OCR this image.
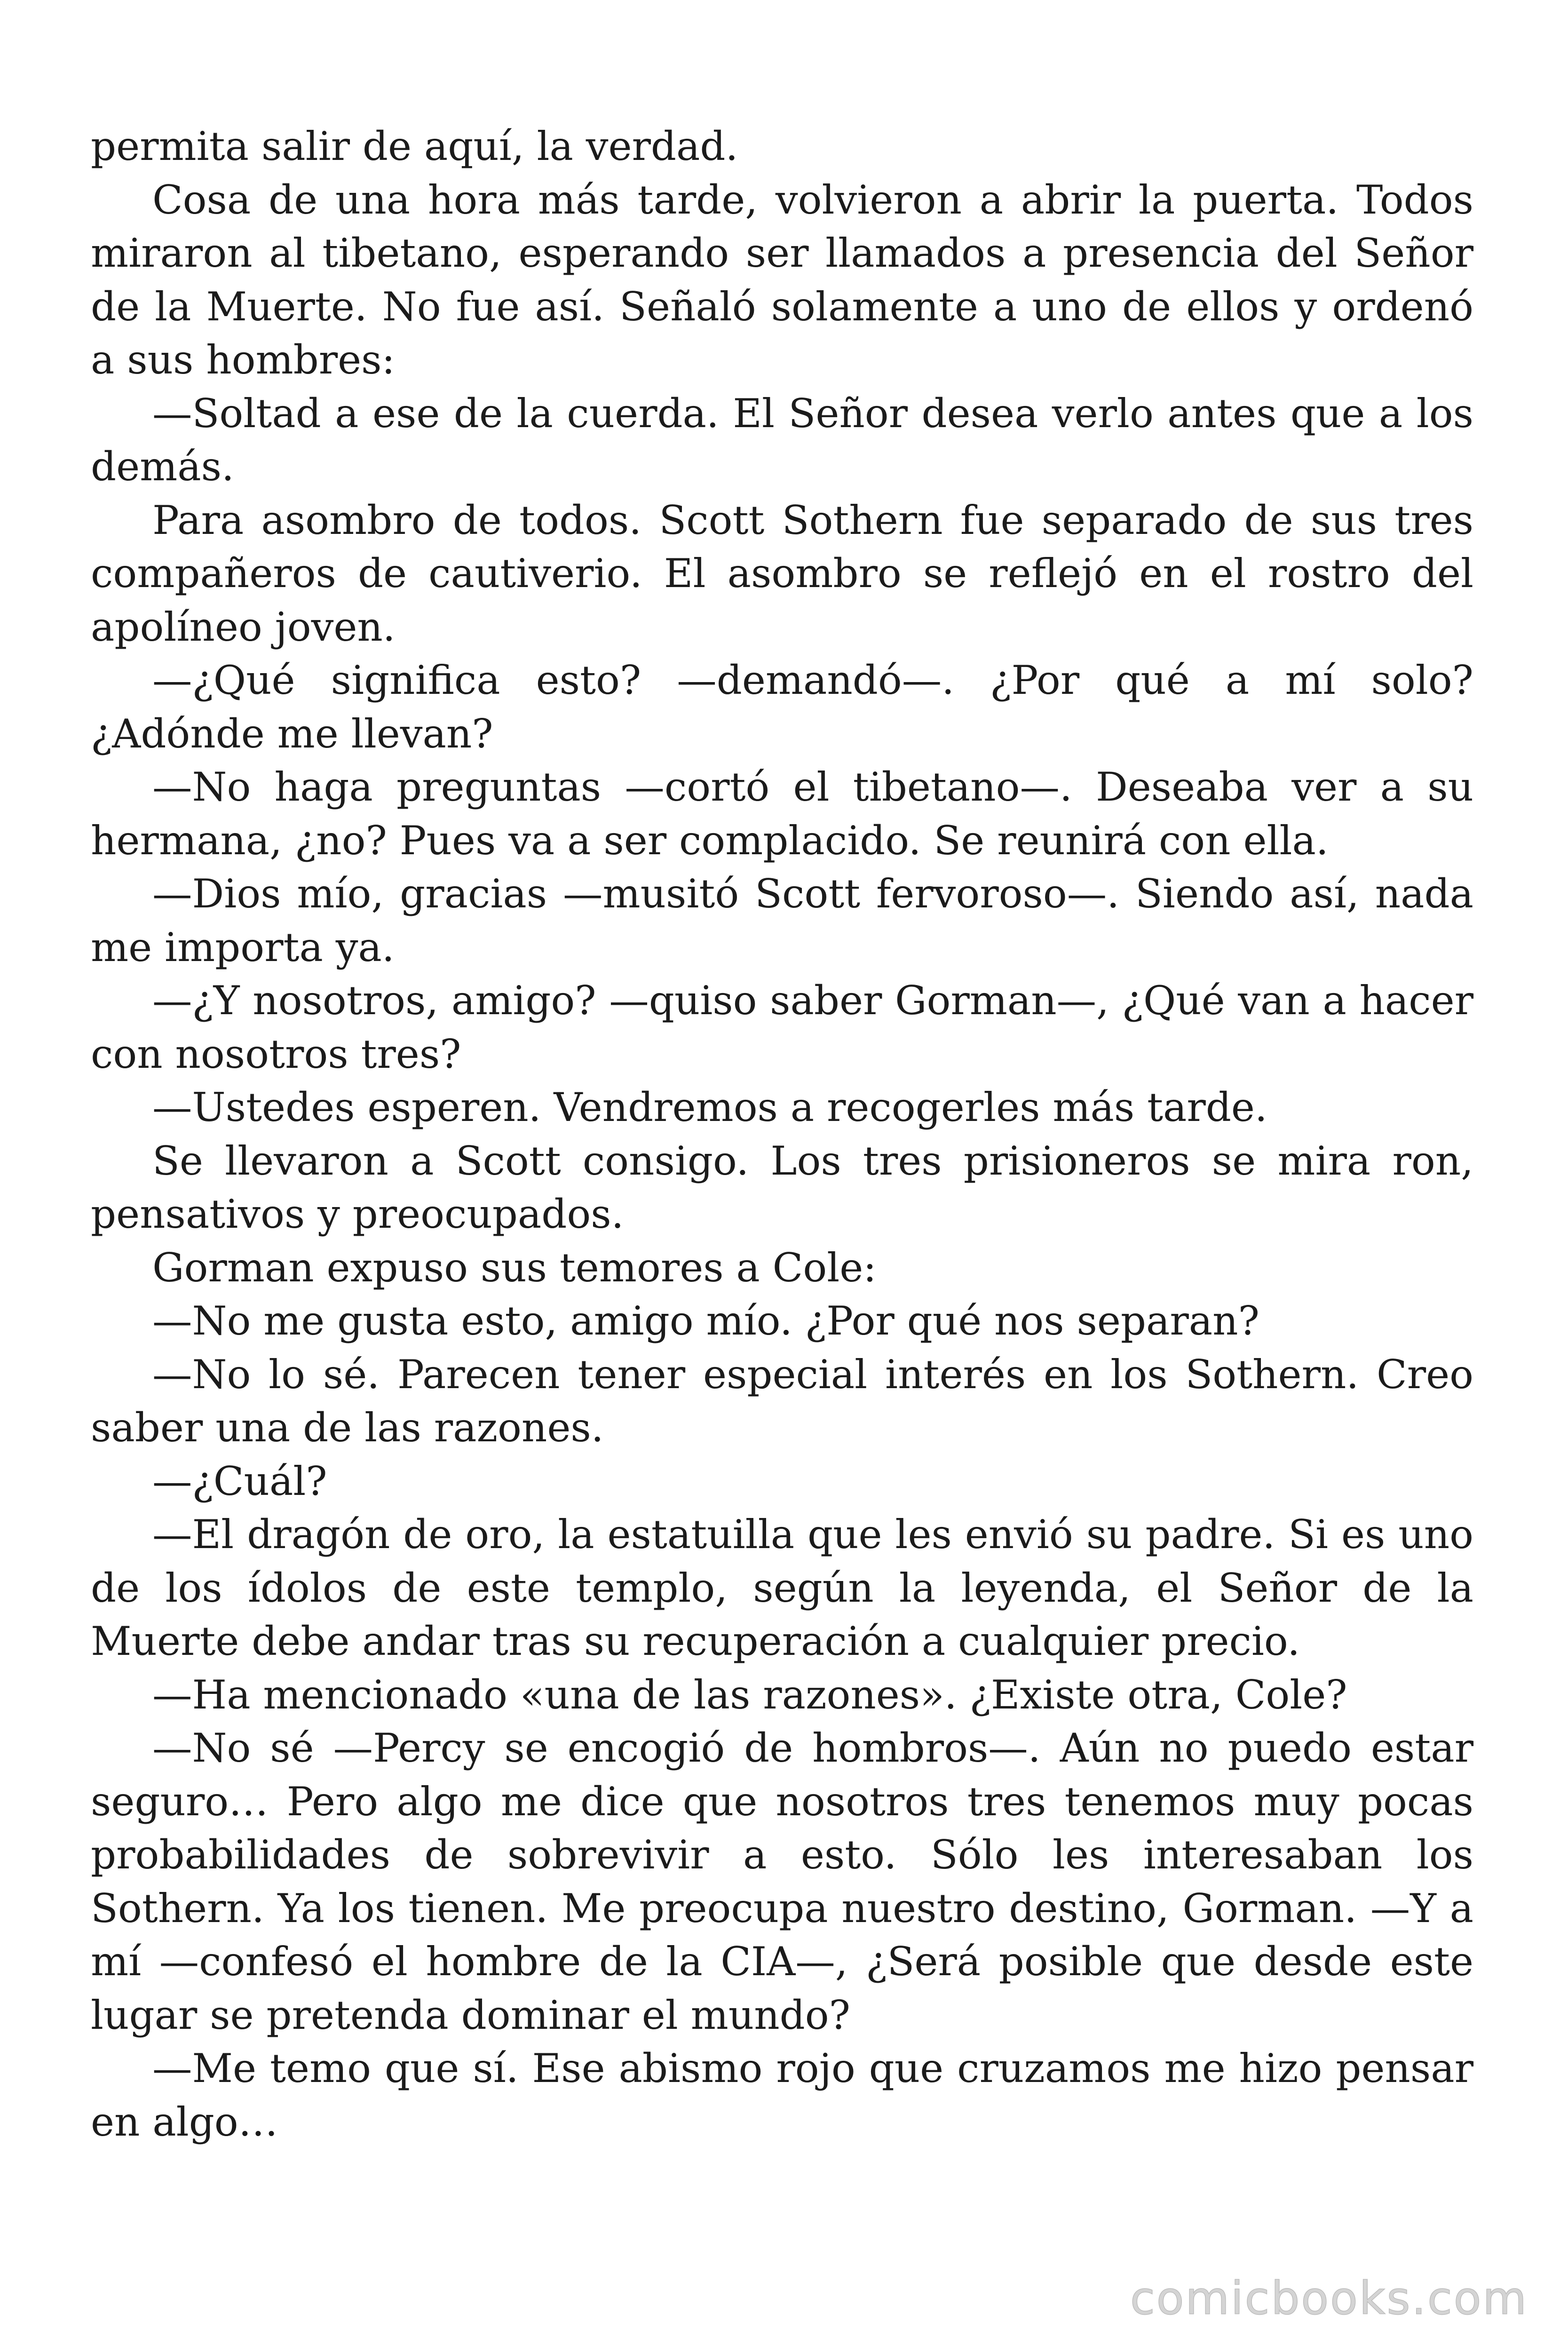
permita salir de aquí, la verdad.

Cosa de una hora más tarde, volvieron a abrir la puerta. Todos miraron al tibetano, esperando ser llamados a presencia del Señor de la Muerte. No fue así. Señaló solamente a uno de ellos y ordenó a sus hombres:

—Soltad a ese de la cuerda. El Señor desea verlo antes que a los demás.

Para asombro de todos. Scott Sothern fue separado de sus tres compañeros de cautiverio. El asombro se reflejó en el rostro del apolíneo joven.

—¿Qué significa esto? —demandó—. ¿Por qué a mí solo? ¿Adónde me llevan?

—No haga preguntas —cortó el tibetano—. Deseaba ver a su hermana, ¿no? Pues va a ser complacido. Se reunirá con ella.

—Dios mío, gracias —musitó Scott fervoroso—. Siendo así, nada me importa ya.

—¿Y nosotros, amigo? —quiso saber Gorman—, ¿Qué van a hacer con nosotros tres?

—Ustedes esperen. Vendremos a recogerles más tarde.

Se llevaron a Scott consigo. Los tres prisioneros se mira ron, pensativos y preocupados.

Gorman expuso sus temores a Cole:

—No me gusta esto, amigo mío. ¿Por qué nos separan?

—No lo sé. Parecen tener especial interés en los Sothern. Creo saber una de las razones.

—¿Cuál?

—El dragón de oro, la estatuilla que les envió su padre. Si es uno de los ídolos de este templo, según la leyenda, el Señor de la Muerte debe andar tras su recuperación a cualquier precio.

—Ha mencionado «una de las razones». ¿Existe otra, Cole?

—No sé —Percy se encogió de hombros—. Aún no puedo estar seguro… Pero algo me dice que nosotros tres tenemos muy pocas probabilidades de sobrevivir a esto. Sólo les interesaban los Sothern. Ya los tienen. Me preocupa nuestro destino, Gorman. —Y a mí —confesó el hombre de la CIA—, ¿Será posible que desde este lugar se pretenda dominar el mundo?

—Me temo que sí. Ese abismo rojo que cruzamos me hizo pensar en algo…

comicbooks.com
